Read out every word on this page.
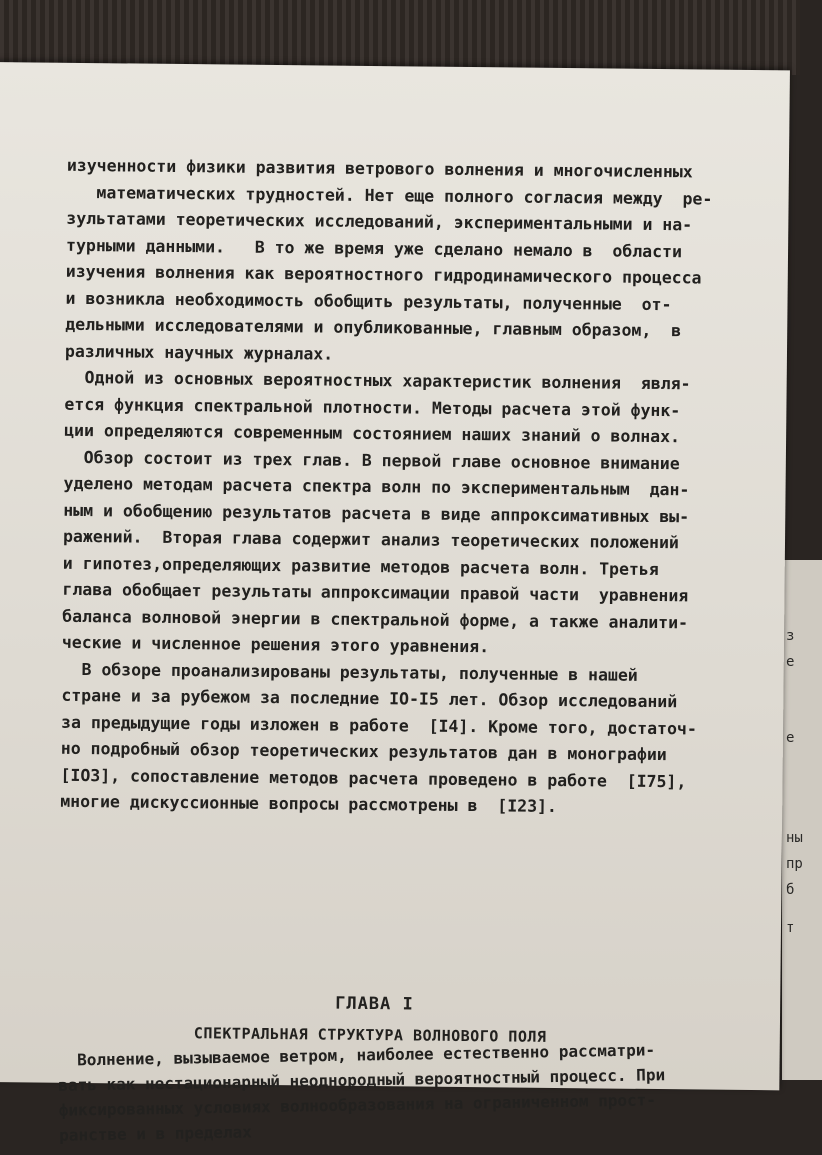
з
е
е
ны
пр
б
т
изученности физики развития ветрового волнения и многочисленных
математических трудностей. Нет еще полного согласия между  ре-
зультатами теоретических исследований, экспериментальными и на-
турными данными.   В то же время уже сделано немало в  области
изучения волнения как вероятностного гидродинамического процесса
и возникла необходимость обобщить результаты, полученные  от-
дельными исследователями и опубликованные, главным образом,  в
различных научных журналах.
Одной из основных вероятностных характеристик волнения  явля-
ется функция спектральной плотности. Методы расчета этой функ-
ции определяются современным состоянием наших знаний о волнах.
Обзор состоит из трех глав. В первой главе основное внимание
уделено методам расчета спектра волн по экспериментальным  дан-
ным и обобщению результатов расчета в виде аппроксимативных вы-
ражений.  Вторая глава содержит анализ теоретических положений
и гипотез,определяющих развитие методов расчета волн. Третья
глава обобщает результаты аппроксимации правой части  уравнения
баланса волновой энергии в спектральной форме, а также аналити-
ческие и численное решения этого уравнения.
В обзоре проанализированы результаты, полученные в нашей
стране и за рубежом за последние IO-I5 лет. Обзор исследований
за предыдущие годы изложен в работе  [I4]. Кроме того, достаточ-
но подробный обзор теоретических результатов дан в монографии
[IO3], сопоставление методов расчета проведено в работе  [I75],
многие дискуссионные вопросы рассмотрены в  [I23].
ГЛАВА I
СПЕКТРАЛЬНАЯ СТРУКТУРА ВОЛНОВОГО ПОЛЯ
Волнение, вызываемое ветром, наиболее естественно рассматри-
вать как нестационарный неоднородный вероятностный процесс. При
фиксированных условиях волнообразования на ограниченном прост-
ранстве и в пределах
